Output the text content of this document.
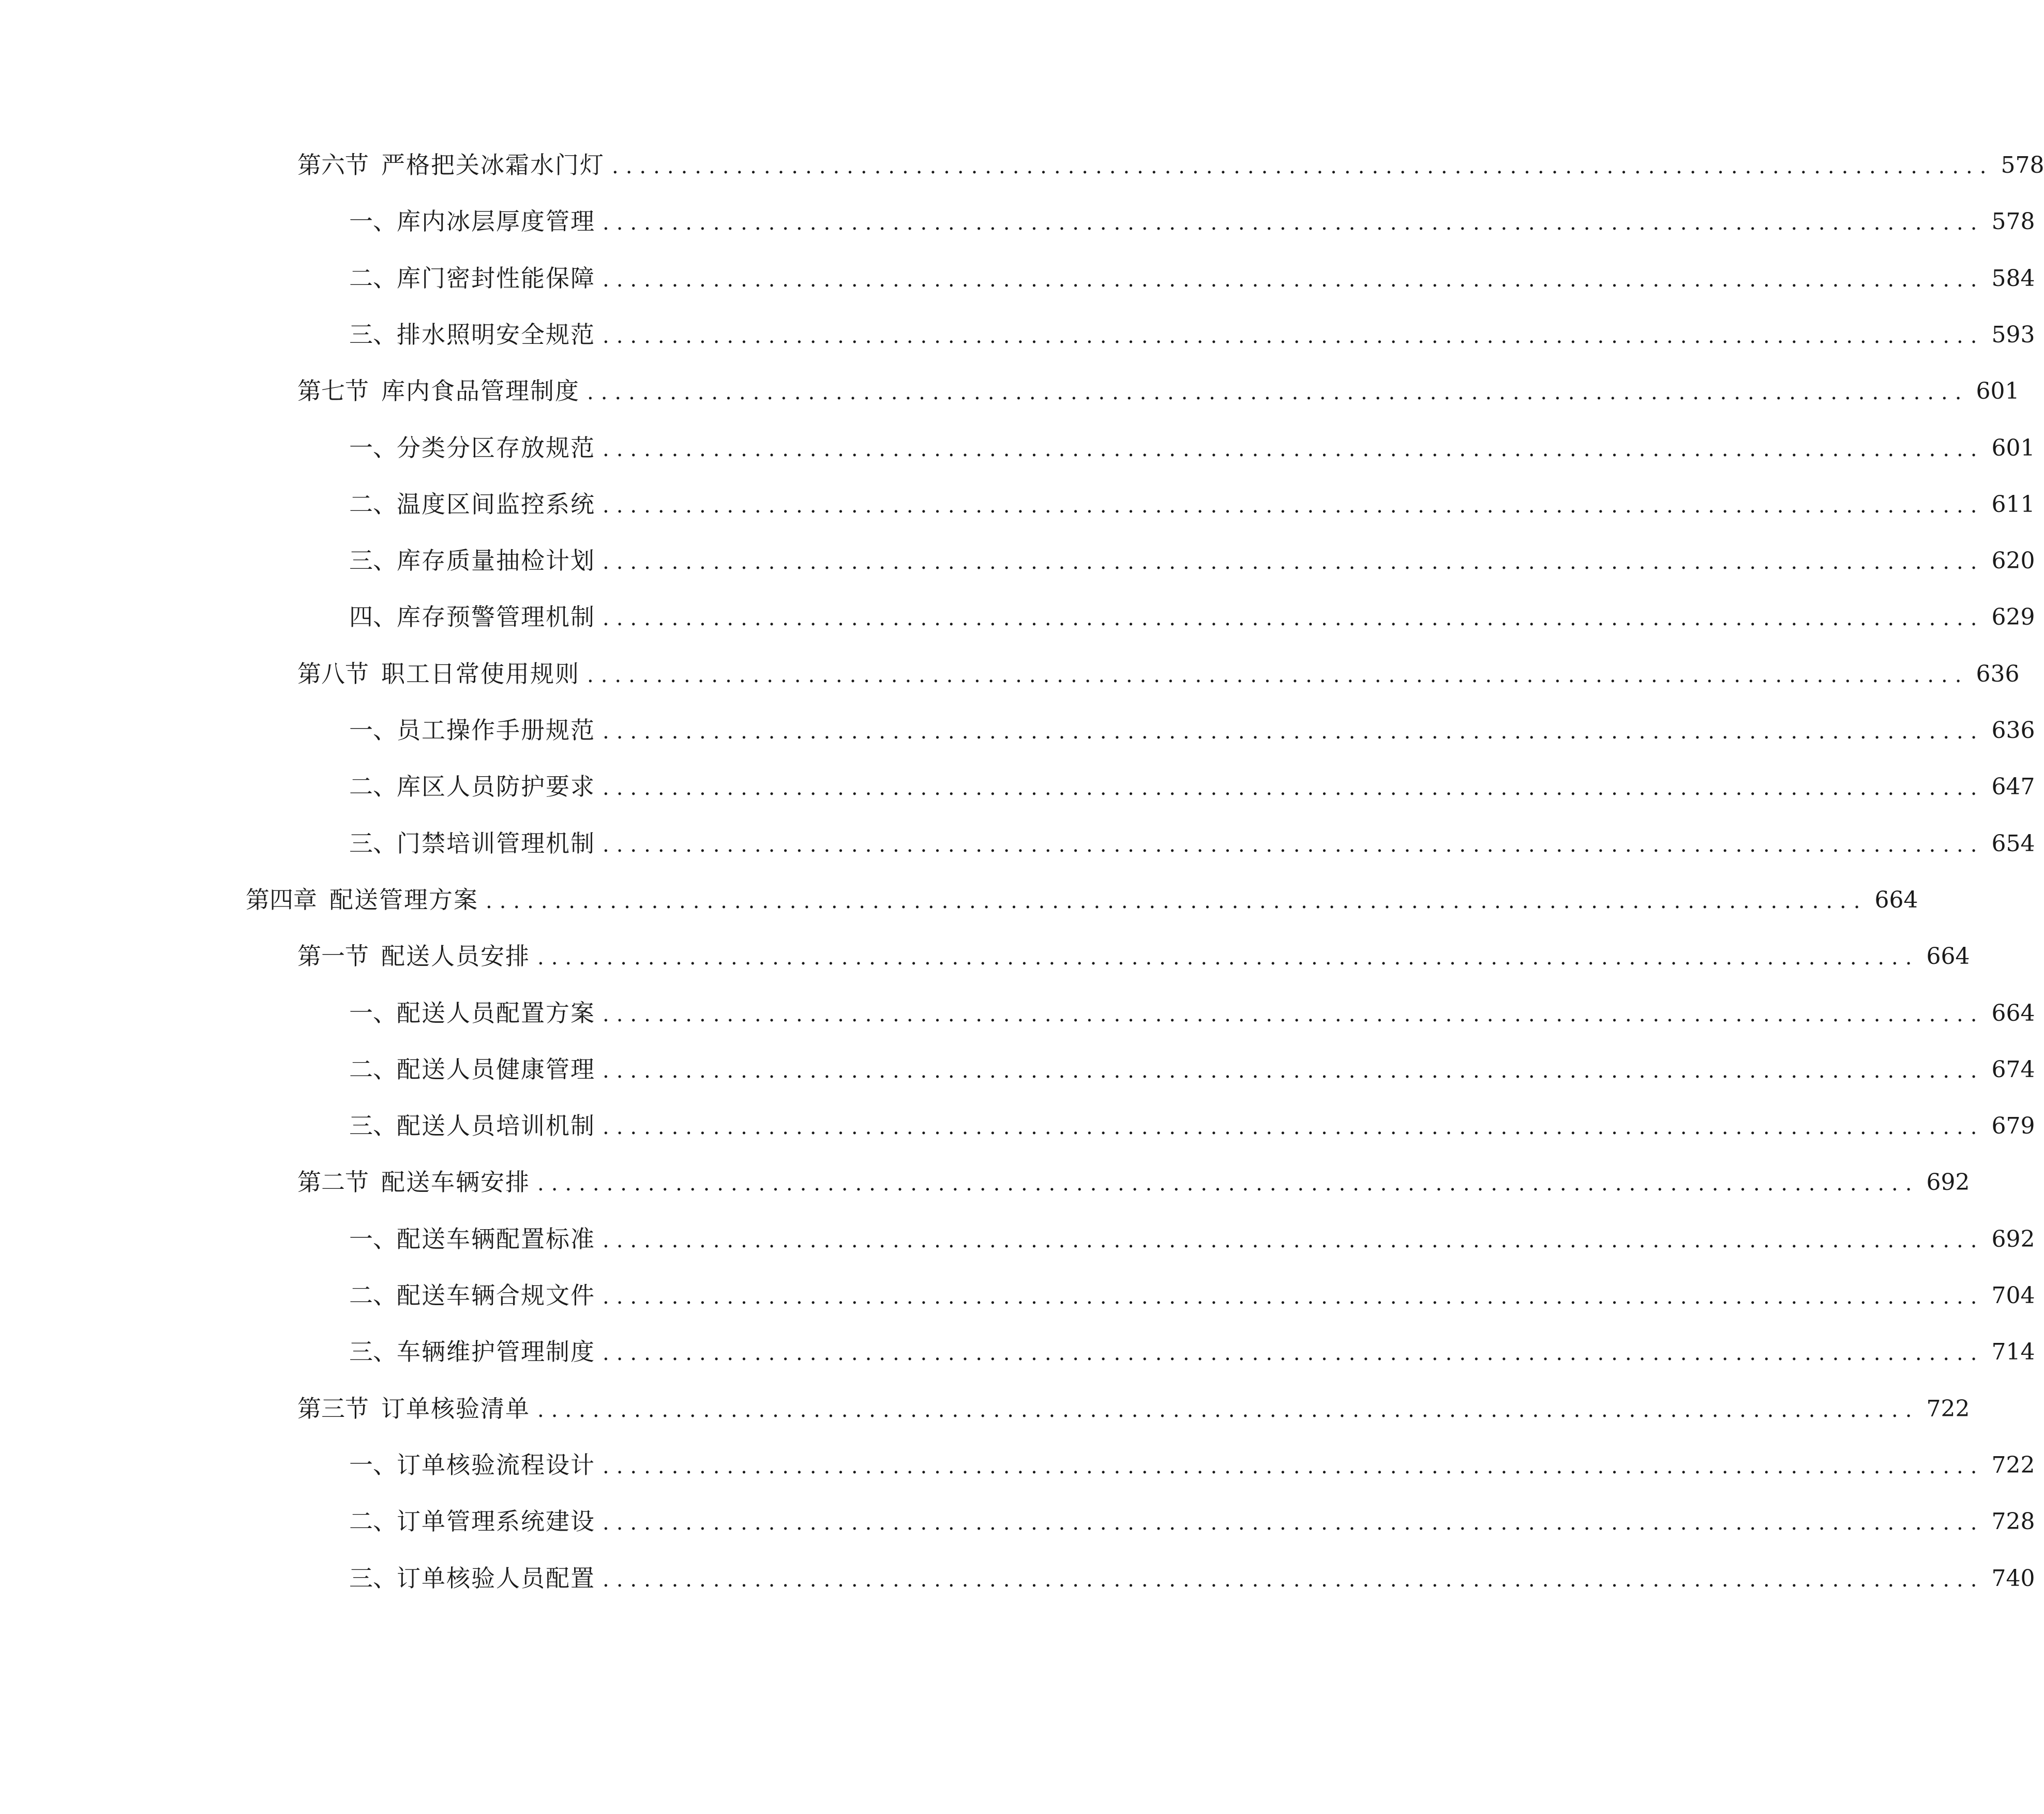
第六节 严格把关冰霜水门灯 .................................................................................................... 578
一、 库内冰层厚度管理 .................................................................................................... 578
二、 库门密封性能保障 .................................................................................................... 584
三、 排水照明安全规范 .................................................................................................... 593
第七节 库内食品管理制度 .................................................................................................... 601
一、 分类分区存放规范 .................................................................................................... 601
二、 温度区间监控系统 .................................................................................................... 611
三、 库存质量抽检计划 .................................................................................................... 620
四、 库存预警管理机制 .................................................................................................... 629
第八节 职工日常使用规则 .................................................................................................... 636
一、 员工操作手册规范 .................................................................................................... 636
二、 库区人员防护要求 .................................................................................................... 647
三、 门禁培训管理机制 .................................................................................................... 654
第四章 配送管理方案 .................................................................................................... 664
第一节 配送人员安排 .................................................................................................... 664
一、 配送人员配置方案 .................................................................................................... 664
二、 配送人员健康管理 .................................................................................................... 674
三、 配送人员培训机制 .................................................................................................... 679
第二节 配送车辆安排 .................................................................................................... 692
一、 配送车辆配置标准 .................................................................................................... 692
二、 配送车辆合规文件 .................................................................................................... 704
三、 车辆维护管理制度 .................................................................................................... 714
第三节 订单核验清单 .................................................................................................... 722
一、 订单核验流程设计 .................................................................................................... 722
二、 订单管理系统建设 .................................................................................................... 728
三、 订单核验人员配置 .................................................................................................... 740
